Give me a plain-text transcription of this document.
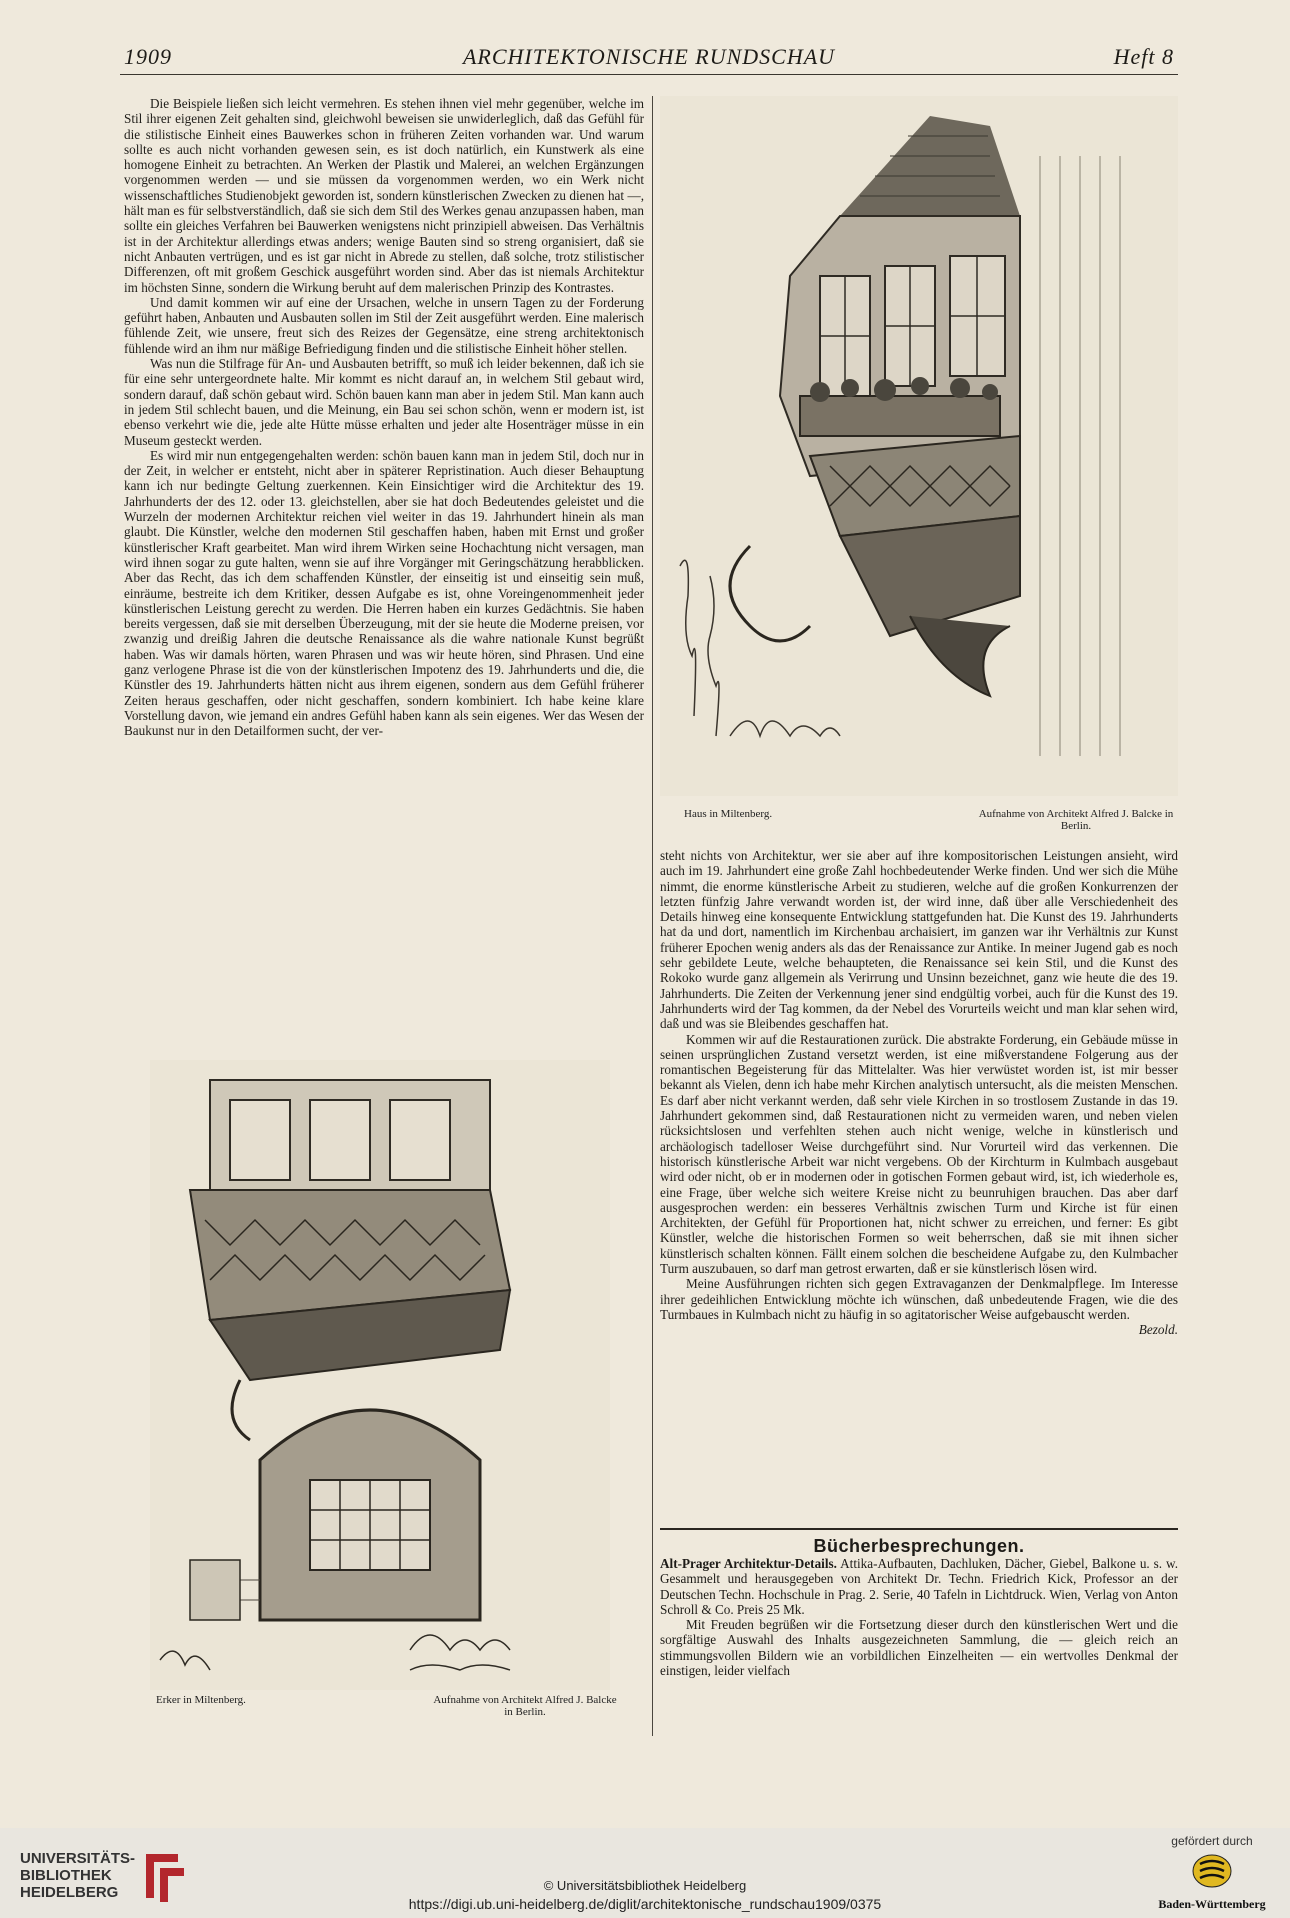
1909	ARCHITEKTONISCHE RUNDSCHAU	Heft 8

Die Beispiele ließen sich leicht vermehren. Es stehen ihnen viel mehr gegenüber, welche im Stil ihrer eigenen Zeit gehalten sind, gleichwohl beweisen sie unwiderleglich, daß das Gefühl für die stilistische Einheit eines Bauwerkes schon in früheren Zeiten vorhanden war. Und warum sollte es auch nicht vorhanden gewesen sein, es ist doch natürlich, ein Kunstwerk als eine homogene Einheit zu betrachten. An Werken der Plastik und Malerei, an welchen Ergänzungen vorgenommen werden — und sie müssen da vorgenommen werden, wo ein Werk nicht wissenschaftliches Studienobjekt geworden ist, sondern künstlerischen Zwecken zu dienen hat —, hält man es für selbstverständlich, daß sie sich dem Stil des Werkes genau anzupassen haben, man sollte ein gleiches Verfahren bei Bauwerken wenigstens nicht prinzipiell abweisen. Das Verhältnis ist in der Architektur allerdings etwas anders; wenige Bauten sind so streng organisiert, daß sie nicht Anbauten vertrügen, und es ist gar nicht in Abrede zu stellen, daß solche, trotz stilistischer Differenzen, oft mit großem Geschick ausgeführt worden sind. Aber das ist niemals Architektur im höchsten Sinne, sondern die Wirkung beruht auf dem malerischen Prinzip des Kontrastes.

Und damit kommen wir auf eine der Ursachen, welche in unsern Tagen zu der Forderung geführt haben, Anbauten und Ausbauten sollen im Stil der Zeit ausgeführt werden. Eine malerisch fühlende Zeit, wie unsere, freut sich des Reizes der Gegensätze, eine streng architektonisch fühlende wird an ihm nur mäßige Befriedigung finden und die stilistische Einheit höher stellen.

Was nun die Stilfrage für An- und Ausbauten betrifft, so muß ich leider bekennen, daß ich sie für eine sehr untergeordnete halte. Mir kommt es nicht darauf an, in welchem Stil gebaut wird, sondern darauf, daß schön gebaut wird. Schön bauen kann man aber in jedem Stil. Man kann auch in jedem Stil schlecht bauen, und die Meinung, ein Bau sei schon schön, wenn er modern ist, ist ebenso verkehrt wie die, jede alte Hütte müsse erhalten und jeder alte Hosenträger müsse in ein Museum gesteckt werden.

Es wird mir nun entgegengehalten werden: schön bauen kann man in jedem Stil, doch nur in der Zeit, in welcher er entsteht, nicht aber in späterer Repristination. Auch dieser Behauptung kann ich nur bedingte Geltung zuerkennen. Kein Einsichtiger wird die Architektur des 19. Jahrhunderts der des 12. oder 13. gleichstellen, aber sie hat doch Bedeutendes geleistet und die Wurzeln der modernen Architektur reichen viel weiter in das 19. Jahrhundert hinein als man glaubt. Die Künstler, welche den modernen Stil geschaffen haben, haben mit Ernst und großer künstlerischer Kraft gearbeitet. Man wird ihrem Wirken seine Hochachtung nicht versagen, man wird ihnen sogar zu gute halten, wenn sie auf ihre Vorgänger mit Geringschätzung herabblicken. Aber das Recht, das ich dem schaffenden Künstler, der einseitig ist und einseitig sein muß, einräume, bestreite ich dem Kritiker, dessen Aufgabe es ist, ohne Voreingenommenheit jeder künstlerischen Leistung gerecht zu werden. Die Herren haben ein kurzes Gedächtnis. Sie haben bereits vergessen, daß sie mit derselben Überzeugung, mit der sie heute die Moderne preisen, vor zwanzig und dreißig Jahren die deutsche Renaissance als die wahre nationale Kunst begrüßt haben. Was wir damals hörten, waren Phrasen und was wir heute hören, sind Phrasen. Und eine ganz verlogene Phrase ist die von der künstlerischen Impotenz des 19. Jahrhunderts und die, die Künstler des 19. Jahrhunderts hätten nicht aus ihrem eigenen, sondern aus dem Gefühl früherer Zeiten heraus geschaffen, oder nicht geschaffen, sondern kombiniert. Ich habe keine klare Vorstellung davon, wie jemand ein andres Gefühl haben kann als sein eigenes. Wer das Wesen der Baukunst nur in den Detailformen sucht, der ver-

Haus in Miltenberg.	Aufnahme von Architekt Alfred J. Balcke in Berlin.

steht nichts von Architektur, wer sie aber auf ihre kompositorischen Leistungen ansieht, wird auch im 19. Jahrhundert eine große Zahl hochbedeutender Werke finden. Und wer sich die Mühe nimmt, die enorme künstlerische Arbeit zu studieren, welche auf die großen Konkurrenzen der letzten fünfzig Jahre verwandt worden ist, der wird inne, daß über alle Verschiedenheit des Details hinweg eine konsequente Entwicklung stattgefunden hat. Die Kunst des 19. Jahrhunderts hat da und dort, namentlich im Kirchenbau archaisiert, im ganzen war ihr Verhältnis zur Kunst früherer Epochen wenig anders als das der Renaissance zur Antike. In meiner Jugend gab es noch sehr gebildete Leute, welche behaupteten, die Renaissance sei kein Stil, und die Kunst des Rokoko wurde ganz allgemein als Verirrung und Unsinn bezeichnet, ganz wie heute die des 19. Jahrhunderts. Die Zeiten der Verkennung jener sind endgültig vorbei, auch für die Kunst des 19. Jahrhunderts wird der Tag kommen, da der Nebel des Vorurteils weicht und man klar sehen wird, daß und was sie Bleibendes geschaffen hat.

Kommen wir auf die Restaurationen zurück. Die abstrakte Forderung, ein Gebäude müsse in seinen ursprünglichen Zustand versetzt werden, ist eine mißverstandene Folgerung aus der romantischen Begeisterung für das Mittelalter. Was hier verwüstet worden ist, ist mir besser bekannt als Vielen, denn ich habe mehr Kirchen analytisch untersucht, als die meisten Menschen. Es darf aber nicht verkannt werden, daß sehr viele Kirchen in so trostlosem Zustande in das 19. Jahrhundert gekommen sind, daß Restaurationen nicht zu vermeiden waren, und neben vielen rücksichtslosen und verfehlten stehen auch nicht wenige, welche in künstlerisch und archäologisch tadelloser Weise durchgeführt sind. Nur Vorurteil wird das verkennen. Die historisch künstlerische Arbeit war nicht vergebens. Ob der Kirchturm in Kulmbach ausgebaut wird oder nicht, ob er in modernen oder in gotischen Formen gebaut wird, ist, ich wiederhole es, eine Frage, über welche sich weitere Kreise nicht zu beunruhigen brauchen. Das aber darf ausgesprochen werden: ein besseres Verhältnis zwischen Turm und Kirche ist für einen Architekten, der Gefühl für Proportionen hat, nicht schwer zu erreichen, und ferner: Es gibt Künstler, welche die historischen Formen so weit beherrschen, daß sie mit ihnen sicher künstlerisch schalten können. Fällt einem solchen die bescheidene Aufgabe zu, den Kulmbacher Turm auszubauen, so darf man getrost erwarten, daß er sie künstlerisch lösen wird.

Meine Ausführungen richten sich gegen Extravaganzen der Denkmalpflege. Im Interesse ihrer gedeihlichen Entwicklung möchte ich wünschen, daß unbedeutende Fragen, wie die des Turmbaues in Kulmbach nicht zu häufig in so agitatorischer Weise aufgebauscht werden.
Bezold.

Erker in Miltenberg.	Aufnahme von Architekt Alfred J. Balcke in Berlin.
Bücherbesprechungen.

Alt-Prager Architektur-Details. Attika-Aufbauten, Dachluken, Dächer, Giebel, Balkone u. s. w. Gesammelt und herausgegeben von Architekt Dr. Techn. Friedrich Kick, Professor an der Deutschen Techn. Hochschule in Prag. 2. Serie, 40 Tafeln in Lichtdruck. Wien, Verlag von Anton Schroll & Co. Preis 25 Mk.

Mit Freuden begrüßen wir die Fortsetzung dieser durch den künstlerischen Wert und die sorgfältige Auswahl des Inhalts ausgezeichneten Sammlung, die — gleich reich an stimmungsvollen Bildern wie an vorbildlichen Einzelheiten — ein wertvolles Denkmal der einstigen, leider vielfach

UNIVERSITÄTS-
BIBLIOTHEK
HEIDELBERG	© Universitätsbibliothek Heidelberg
https://digi.ub.uni-heidelberg.de/diglit/architektonische_rundschau1909/0375
gefördert durch
Baden-Württemberg
